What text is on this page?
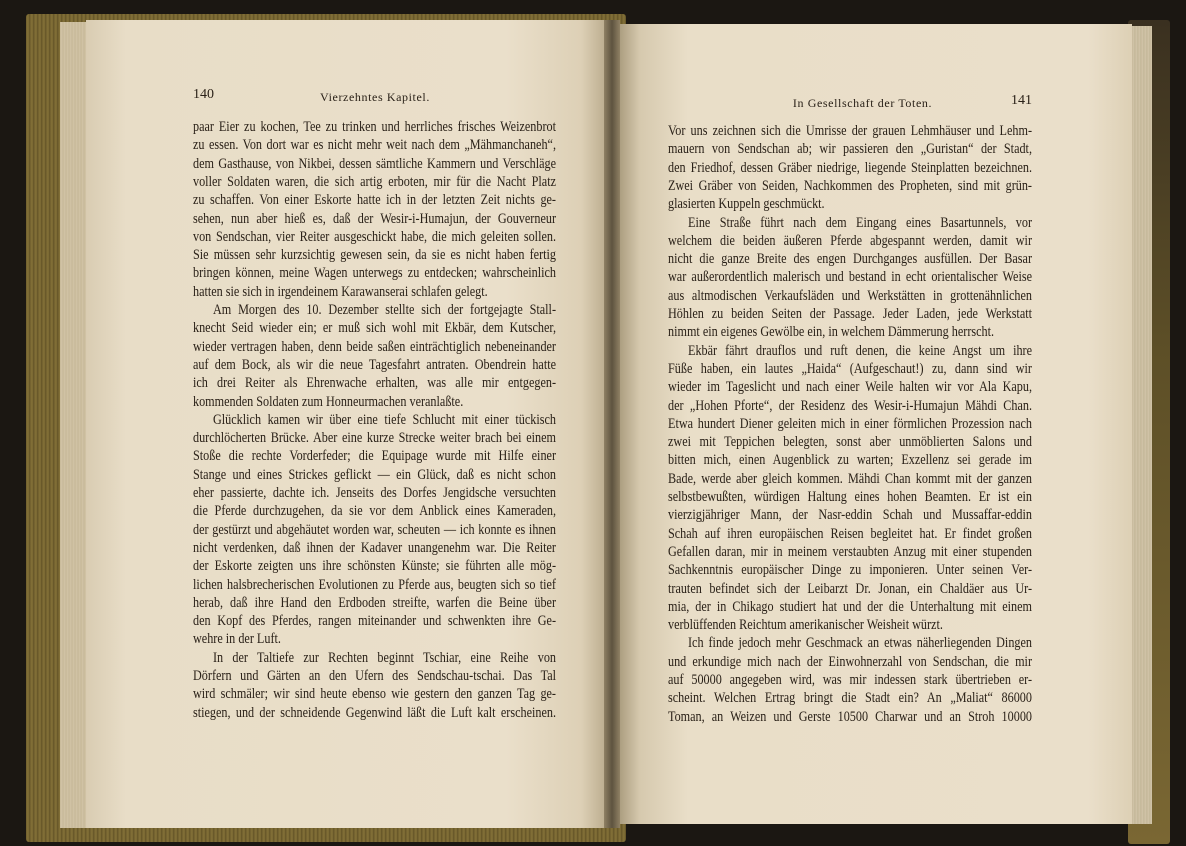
140	Vierzehntes Kapitel.	In Gesellschaft der Toten.	141
paar Eier zu kochen, Tee zu trinken und herrliches frisches Weizenbrot
zu essen. Von dort war es nicht mehr weit nach dem „Mähmanchaneh“,
dem Gasthause, von Nikbei, dessen sämtliche Kammern und Verschläge
voller Soldaten waren, die sich artig erboten, mir für die Nacht Platz
zu schaffen. Von einer Eskorte hatte ich in der letzten Zeit nichts ge-
sehen, nun aber hieß es, daß der Wesir-i-Humajun, der Gouverneur
von Sendschan, vier Reiter ausgeschickt habe, die mich geleiten sollen.
Sie müssen sehr kurzsichtig gewesen sein, da sie es nicht haben fertig
bringen können, meine Wagen unterwegs zu entdecken; wahrscheinlich
hatten sie sich in irgendeinem Karawanserai schlafen gelegt.
Am Morgen des 10. Dezember stellte sich der fortgejagte Stall-
knecht Seid wieder ein; er muß sich wohl mit Ekbär, dem Kutscher,
wieder vertragen haben, denn beide saßen einträchtiglich nebeneinander
auf dem Bock, als wir die neue Tagesfahrt antraten. Obendrein hatte
ich drei Reiter als Ehrenwache erhalten, was alle mir entgegen-
kommenden Soldaten zum Honneurmachen veranlaßte.
Glücklich kamen wir über eine tiefe Schlucht mit einer tückisch
durchlöcherten Brücke. Aber eine kurze Strecke weiter brach bei einem
Stoße die rechte Vorderfeder; die Equipage wurde mit Hilfe einer
Stange und eines Strickes geflickt — ein Glück, daß es nicht schon
eher passierte, dachte ich. Jenseits des Dorfes Jengidsche versuchten
die Pferde durchzugehen, da sie vor dem Anblick eines Kameraden,
der gestürzt und abgehäutet worden war, scheuten — ich konnte es ihnen
nicht verdenken, daß ihnen der Kadaver unangenehm war. Die Reiter
der Eskorte zeigten uns ihre schönsten Künste; sie führten alle mög-
lichen halsbrecherischen Evolutionen zu Pferde aus, beugten sich so tief
herab, daß ihre Hand den Erdboden streifte, warfen die Beine über
den Kopf des Pferdes, rangen miteinander und schwenkten ihre Ge-
wehre in der Luft.
In der Taltiefe zur Rechten beginnt Tschiar, eine Reihe von
Dörfern und Gärten an den Ufern des Sendschau-tschai. Das Tal
wird schmäler; wir sind heute ebenso wie gestern den ganzen Tag ge-
stiegen, und der schneidende Gegenwind läßt die Luft kalt erscheinen.
Vor uns zeichnen sich die Umrisse der grauen Lehmhäuser und Lehm-
mauern von Sendschan ab; wir passieren den „Guristan“ der Stadt,
den Friedhof, dessen Gräber niedrige, liegende Steinplatten bezeichnen.
Zwei Gräber von Seiden, Nachkommen des Propheten, sind mit grün-
glasierten Kuppeln geschmückt.
Eine Straße führt nach dem Eingang eines Basartunnels, vor
welchem die beiden äußeren Pferde abgespannt werden, damit wir
nicht die ganze Breite des engen Durchganges ausfüllen. Der Basar
war außerordentlich malerisch und bestand in echt orientalischer Weise
aus altmodischen Verkaufsläden und Werkstätten in grottenähnlichen
Höhlen zu beiden Seiten der Passage. Jeder Laden, jede Werkstatt
nimmt ein eigenes Gewölbe ein, in welchem Dämmerung herrscht.
Ekbär fährt drauflos und ruft denen, die keine Angst um ihre
Füße haben, ein lautes „Haida“ (Aufgeschaut!) zu, dann sind wir
wieder im Tageslicht und nach einer Weile halten wir vor Ala Kapu,
der „Hohen Pforte“, der Residenz des Wesir-i-Humajun Mähdi Chan.
Etwa hundert Diener geleiten mich in einer förmlichen Prozession nach
zwei mit Teppichen belegten, sonst aber unmöblierten Salons und
bitten mich, einen Augenblick zu warten; Exzellenz sei gerade im
Bade, werde aber gleich kommen. Mähdi Chan kommt mit der ganzen
selbstbewußten, würdigen Haltung eines hohen Beamten. Er ist ein
vierzigjähriger Mann, der Nasr-eddin Schah und Mussaffar-eddin
Schah auf ihren europäischen Reisen begleitet hat. Er findet großen
Gefallen daran, mir in meinem verstaubten Anzug mit einer stupenden
Sachkenntnis europäischer Dinge zu imponieren. Unter seinen Ver-
trauten befindet sich der Leibarzt Dr. Jonan, ein Chaldäer aus Ur-
mia, der in Chikago studiert hat und der die Unterhaltung mit einem
verblüffenden Reichtum amerikanischer Weisheit würzt.
Ich finde jedoch mehr Geschmack an etwas näherliegenden Dingen
und erkundige mich nach der Einwohnerzahl von Sendschan, die mir
auf 50000 angegeben wird, was mir indessen stark übertrieben er-
scheint. Welchen Ertrag bringt die Stadt ein? An „Maliat“ 86000
Toman, an Weizen und Gerste 10500 Charwar und an Stroh 10000
